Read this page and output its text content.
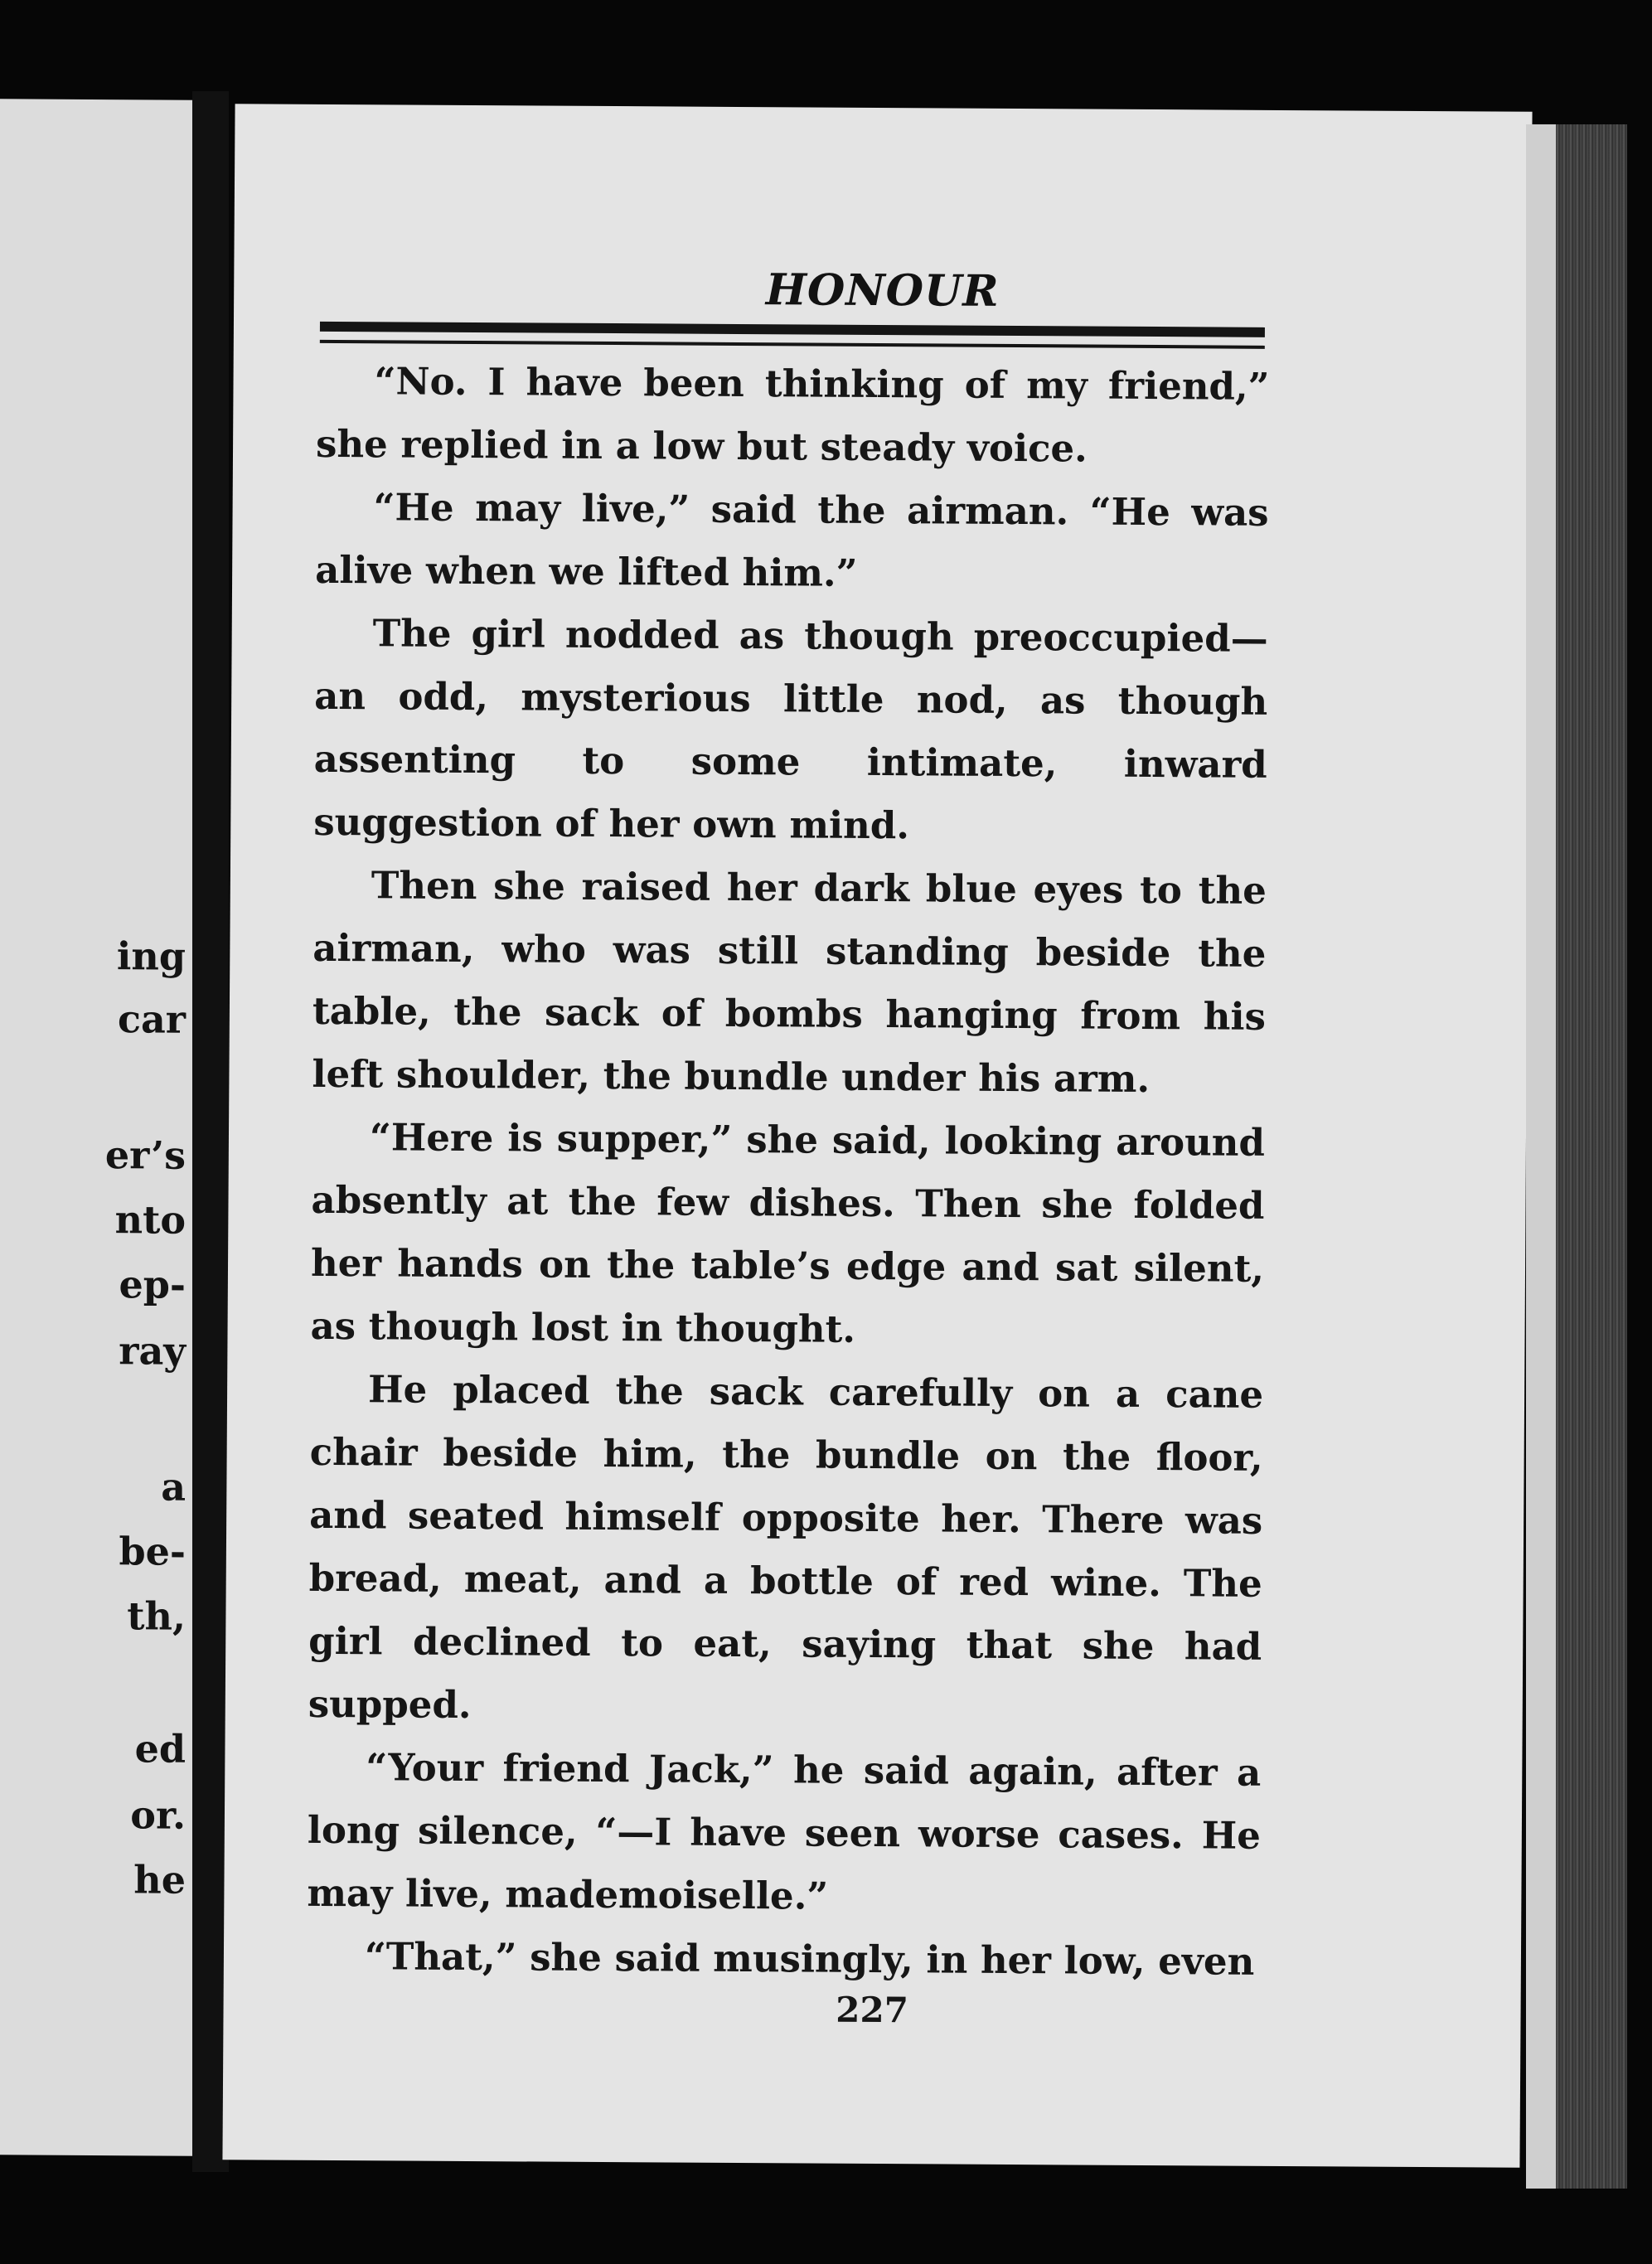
ing
car
er’s
nto
ep-
ray
a
be-
th,
ed
or.
he
HONOUR

“No. I have been thinking of my friend,” she replied in a low but steady voice.

“He may live,” said the airman. “He was alive when we lifted him.”

The girl nodded as though preoccupied—an odd, mysterious little nod, as though assenting to some intimate, inward suggestion of her own mind.

Then she raised her dark blue eyes to the airman, who was still standing beside the table, the sack of bombs hanging from his left shoulder, the bundle under his arm.

“Here is supper,” she said, looking around absently at the few dishes. Then she folded her hands on the table’s edge and sat silent, as though lost in thought.

He placed the sack carefully on a cane chair beside him, the bundle on the floor, and seated himself opposite her. There was bread, meat, and a bottle of red wine. The girl declined to eat, saying that she had supped.

“Your friend Jack,” he said again, after a long silence, “—I have seen worse cases. He may live, mademoiselle.”

“That,” she said musingly, in her low, even

227
